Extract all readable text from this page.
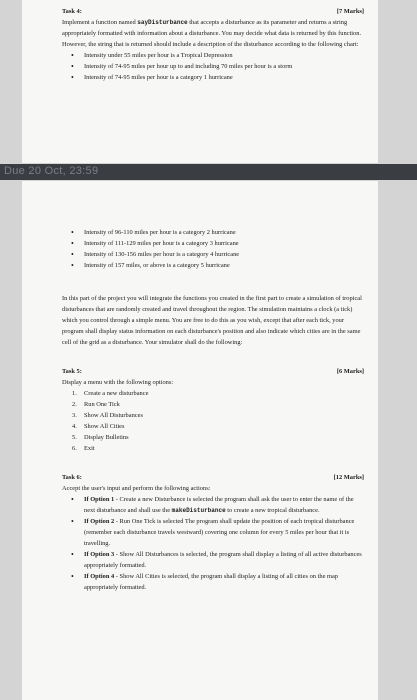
Task 4:	[7 Marks]

Implement a function named sayDisturbance that accepts a disturbance as its parameter and returns a string appropriately formatted with information about a disturbance. You may decide what data is returned by this function. However, the string that is returned should include a description of the disturbance according to the following chart:

• Intensity under 55 miles per hour is a Tropical Depression
• Intensity of 74-95 miles per hour up to and including 70 miles per hour is a storm
• Intensity of 74-95 miles per hour is a category 1 hurricane
Due 20 Oct, 23:59
• Intensity of 96-110 miles per hour is a category 2 hurricane
• Intensity of 111-129 miles per hour is a category 3 hurricane
• Intensity of 130-156 miles per hour is a category 4 hurricane
• Intensity of 157 miles, or above is a category 5 hurricane

In this part of the project you will integrate the functions you created in the first part to create a simulation of tropical disturbances that are randomly created and travel throughout the region. The simulation maintains a clock (a tick) which you control through a simple menu. You are free to do this as you wish, except that after each tick, your program shall display status information on each disturbance's position and also indicate which cities are in the same cell of the grid as a disturbance. Your simulator shall do the following:

Task 5:	[6 Marks]

Display a menu with the following options:

1. Create a new disturbance
2. Run One Tick
3. Show All Disturbances
4. Show All Cities
5. Display Bulletins
6. Exit
Task 6:	[12 Marks]

Accept the user's input and perform the following actions:

• If Option 1 - Create a new Disturbance is selected the program shall ask the user to enter the name of the next disturbance and shall use the makeDisturbance to create a new tropical disturbance.
• If Option 2 - Run One Tick is selected The program shall update the position of each tropical disturbance (remember each disturbance travels westward) covering one column for every 5 miles per hour that it is travelling.
• If Option 3 - Show All Disturbances is selected, the program shall display a listing of all active disturbances appropriately formatted.
• If Option 4 - Show All Cities is selected, the program shall display a listing of all cities on the map appropriately formatted.
